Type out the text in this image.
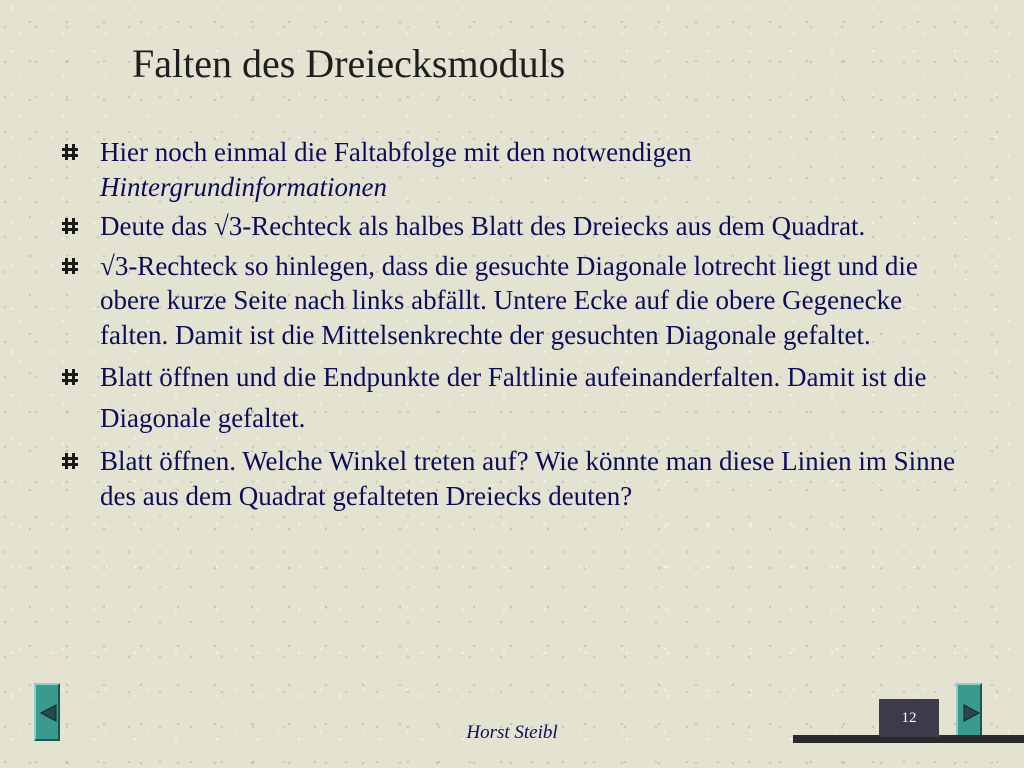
Falten des Dreiecksmoduls
Hier noch einmal die Faltabfolge mit den notwendigen
Hintergrundinformationen
Deute das √3-Rechteck als halbes Blatt des Dreiecks aus dem Quadrat.
√3-Rechteck so hinlegen, dass die gesuchte Diagonale lotrecht liegt und die obere kurze Seite nach links abfällt. Untere Ecke auf die obere Gegenecke falten. Damit ist die Mittelsenkrechte der gesuchten Diagonale gefaltet.
Blatt öffnen und die Endpunkte der Faltlinie aufeinanderfalten. Damit ist die Diagonale gefaltet.
Blatt öffnen. Welche Winkel treten auf? Wie könnte man diese Linien im Sinne des aus dem Quadrat gefalteten Dreiecks deuten?
12
Horst Steibl
